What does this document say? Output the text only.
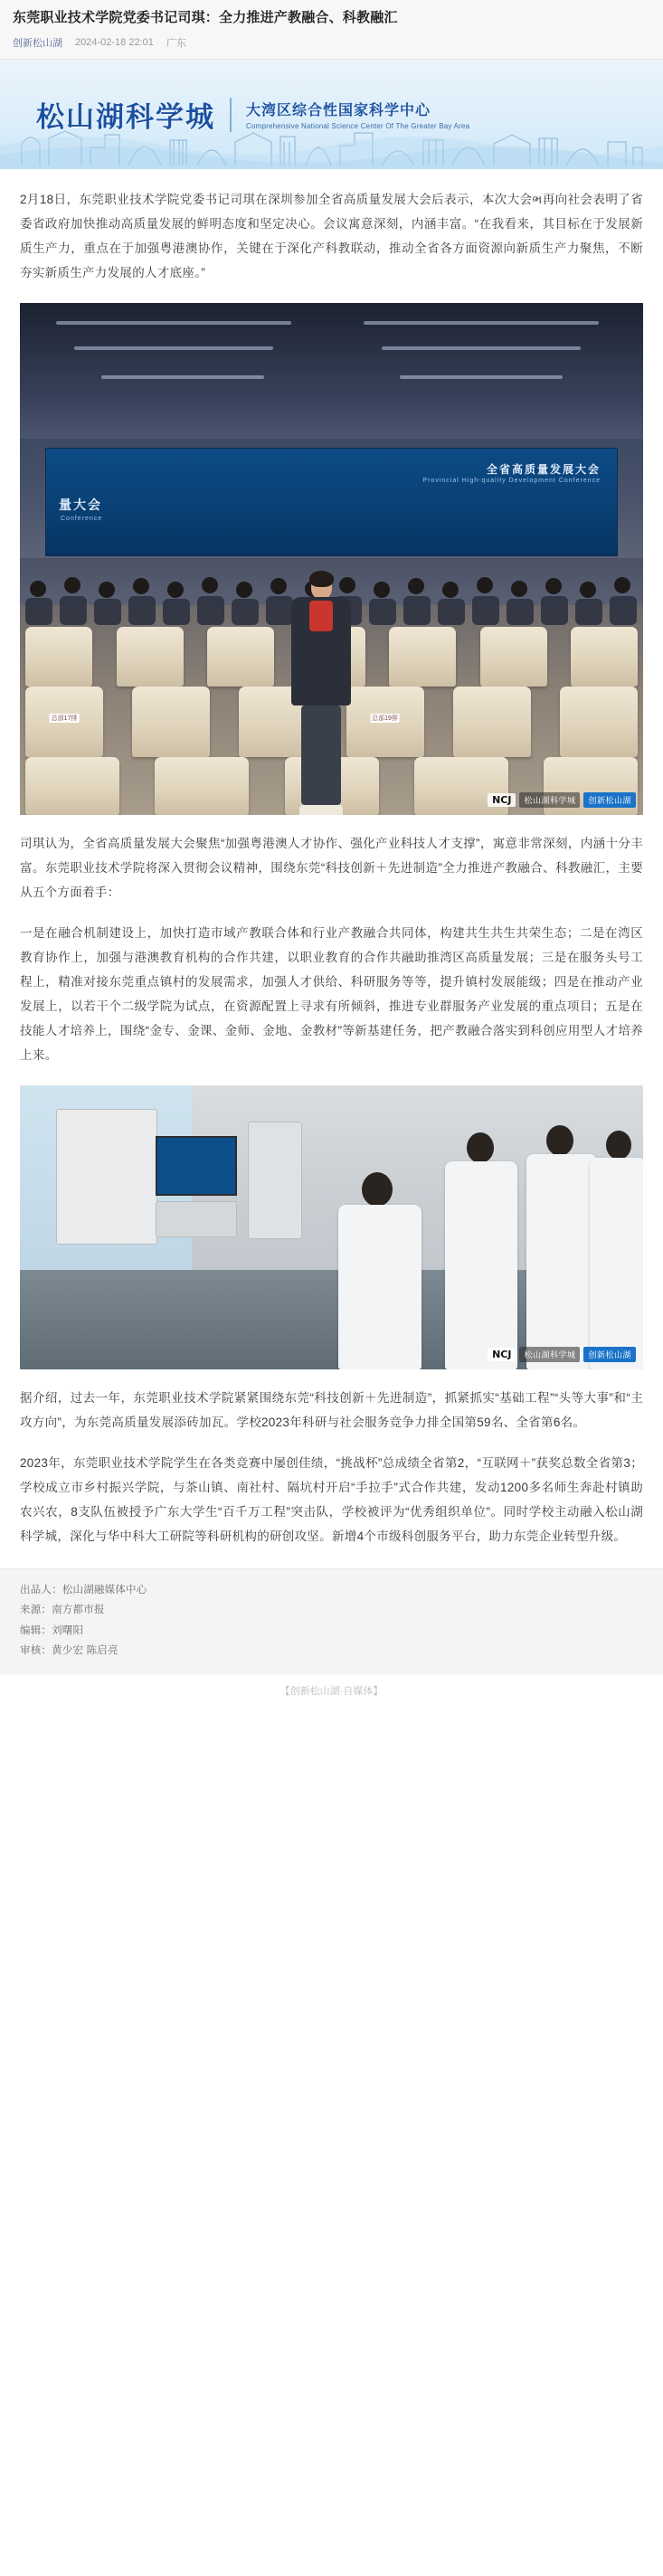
东莞职业技术学院党委书记司琪：全力推进产教融合、科教融汇
创新松山湖 2024-02-18 22:01 广东
松山湖科学城 大湾区综合性国家科学中心
Comprehensive National Science Center Of The Greater Bay Area

2月18日，东莞职业技术学院党委书记司琪在深圳参加全省高质量发展大会后表示，本次大会ભ再向社会表明了省委省政府加快推动高质量发展的鲜明态度和坚定决心。会议寓意深刻，内涵丰富。“在我看来，其目标在于发展新质生产力，重点在于加强粤港澳协作，关键在于深化产科教联动，推动全省各方面资源向新质生产力聚焦，不断夯实新质生产力发展的人才底座。”

全省高质量发展大会
Provincial High-quality Development Conference
量大会
Conference
总部17排	总部19排
NCJ	松山湖科学城	创新松山湖

司琪认为，全省高质量发展大会聚焦“加强粤港澳人才协作、强化产业科技人才支撑”，寓意非常深刻，内涵十分丰富。东莞职业技术学院将深入贯彻会议精神，围绕东莞“科技创新＋先进制造”全力推进产教融合、科教融汇，主要从五个方面着手：

一是在融合机制建设上，加快打造市域产教联合体和行业产教融合共同体，构建共生共生共荣生态；二是在湾区教育协作上，加强与港澳教育机构的合作共建，以职业教育的合作共融助推湾区高质量发展；三是在服务头号工程上，精准对接东莞重点镇村的发展需求，加强人才供给、科研服务等等，提升镇村发展能级；四是在推动产业发展上，以若干个二级学院为试点，在资源配置上寻求有所倾斜，推进专业群服务产业发展的重点项目；五是在技能人才培养上，围绕“金专、金课、金师、金地、金教材”等新基建任务，把产教融合落实到科创应用型人才培养上来。

NCJ	松山湖科学城	创新松山湖

据介绍，过去一年，东莞职业技术学院紧紧围绕东莞“科技创新＋先进制造”，抓紧抓实“基础工程”“头等大事”和“主攻方向”，为东莞高质量发展添砖加瓦。学校2023年科研与社会服务竞争力排全国第59名、全省第6名。

2023年，东莞职业技术学院学生在各类竞赛中屡创佳绩，“挑战杯”总成绩全省第2，“互联网＋”获奖总数全省第3；学校成立市乡村振兴学院，与茶山镇、南社村、隔坑村开启“手拉手”式合作共建，发动1200多名师生奔赴村镇助农兴农，8支队伍被授予广东大学生“百千万工程”突击队，学校被评为“优秀组织单位”。同时学校主动融入松山湖科学城，深化与华中科大工研院等科研机构的研创攻坚。新增4个市级科创服务平台，助力东莞企业转型升级。

出品人：松山湖融媒体中心
来源：南方都市报
编辑：刘曙阳
审核：黄少宏 陈启亮
【创新松山湖·自媒体】
